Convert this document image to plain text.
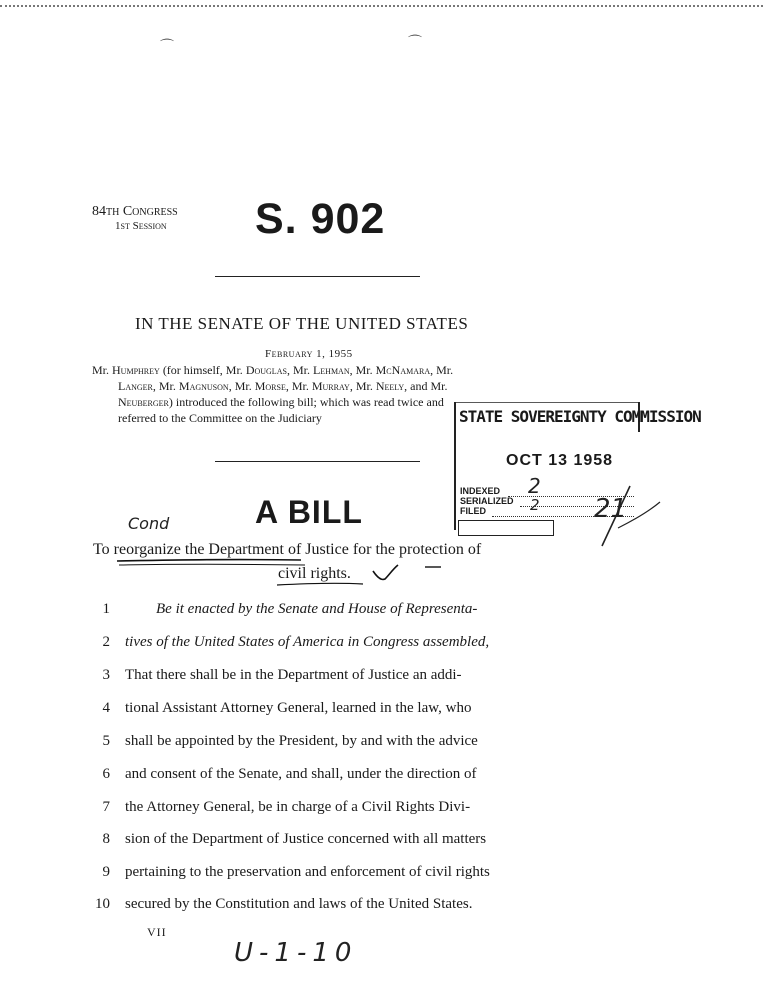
⌒	⌒
84th Congress
1st Session S. 902
IN THE SENATE OF THE UNITED STATES
February 1, 1955
Mr. Humphrey (for himself, Mr. Douglas, Mr. Lehman, Mr. McNamara, Mr.
Langer, Mr. Magnuson, Mr. Morse, Mr. Murray, Mr. Neely, and Mr.
Neuberger) introduced the following bill; which was read twice and
referred to the Committee on the Judiciary	STATE SOVEREIGNTY COMMISSION
OCT 13 1958
INDEXED
SERIALIZED
FILED
2
2 21
Cond	A BILL
To reorganize the Department of Justice for the protection of
civil rights.
1	Be it enacted by the Senate and House of Representa-
2 tives of the United States of America in Congress assembled,
3 That there shall be in the Department of Justice an addi-
4 tional Assistant Attorney General, learned in the law, who
5 shall be appointed by the President, by and with the advice
6 and consent of the Senate, and shall, under the direction of
7 the Attorney General, be in charge of a Civil Rights Divi-
8 sion of the Department of Justice concerned with all matters
9 pertaining to the preservation and enforcement of civil rights
10 secured by the Constitution and laws of the United States.
VII
U-1-10
